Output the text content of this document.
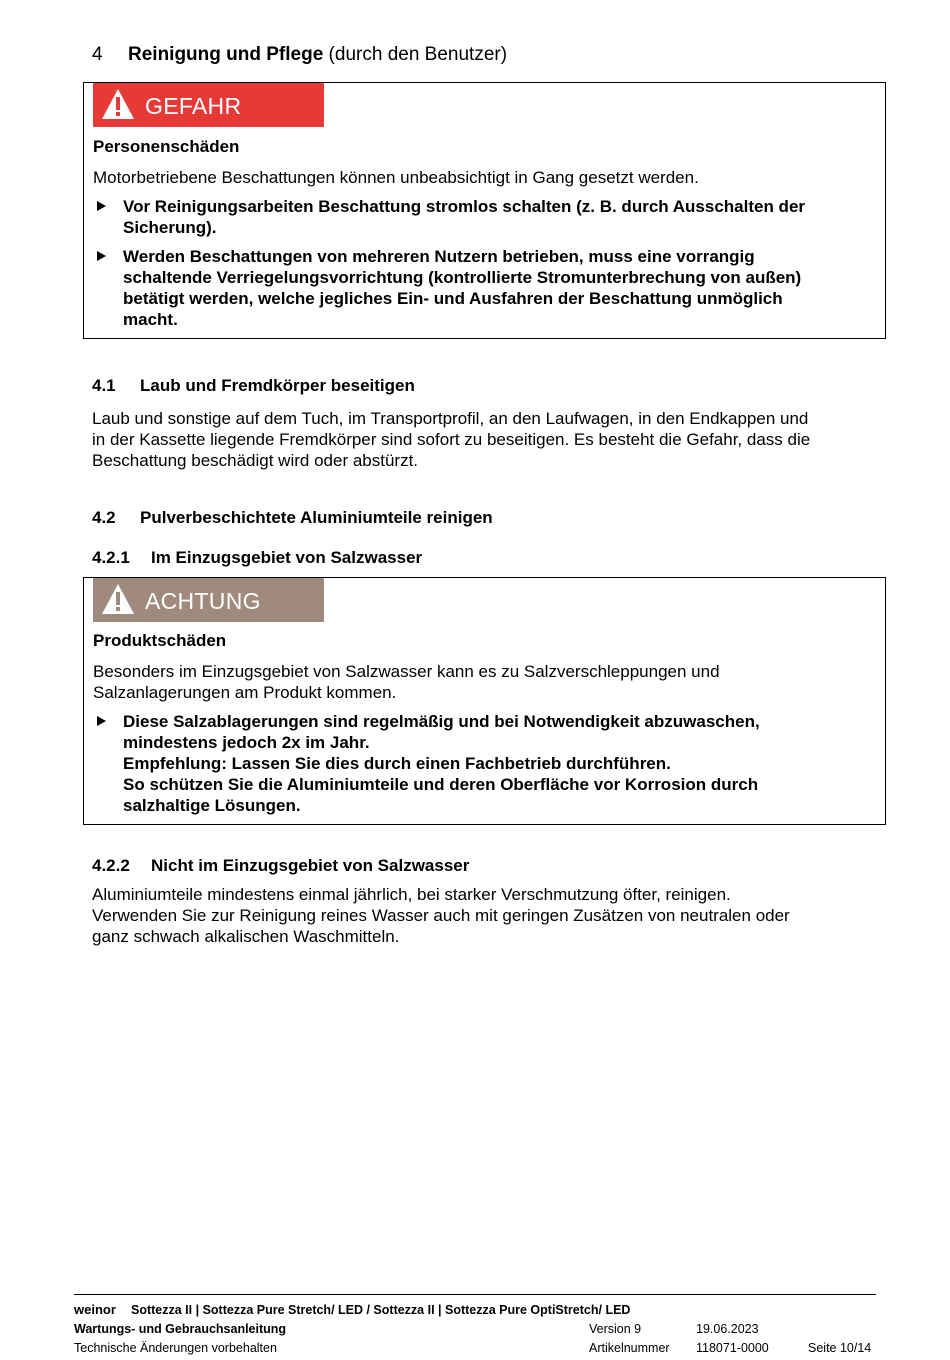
4 Reinigung und Pflege (durch den Benutzer)
GEFAHR
Personenschäden
Motorbetriebene Beschattungen können unbeabsichtigt in Gang gesetzt werden.
Vor Reinigungsarbeiten Beschattung stromlos schalten (z. B. durch Ausschalten der
Sicherung).
Werden Beschattungen von mehreren Nutzern betrieben, muss eine vorrangig
schaltende Verriegelungsvorrichtung (kontrollierte Stromunterbrechung von außen)
betätigt werden, welche jegliches Ein- und Ausfahren der Beschattung unmöglich
macht.
4.1 Laub und Fremdkörper beseitigen
Laub und sonstige auf dem Tuch, im Transportprofil, an den Laufwagen, in den Endkappen und
in der Kassette liegende Fremdkörper sind sofort zu beseitigen. Es besteht die Gefahr, dass die
Beschattung beschädigt wird oder abstürzt.
4.2 Pulverbeschichtete Aluminiumteile reinigen
4.2.1 Im Einzugsgebiet von Salzwasser
ACHTUNG
Produktschäden
Besonders im Einzugsgebiet von Salzwasser kann es zu Salzverschleppungen und
Salzanlagerungen am Produkt kommen.
Diese Salzablagerungen sind regelmäßig und bei Notwendigkeit abzuwaschen,
mindestens jedoch 2x im Jahr.
Empfehlung: Lassen Sie dies durch einen Fachbetrieb durchführen.
So schützen Sie die Aluminiumteile und deren Oberfläche vor Korrosion durch
salzhaltige Lösungen.
4.2.2 Nicht im Einzugsgebiet von Salzwasser
Aluminiumteile mindestens einmal jährlich, bei starker Verschmutzung öfter, reinigen.
Verwenden Sie zur Reinigung reines Wasser auch mit geringen Zusätzen von neutralen oder
ganz schwach alkalischen Waschmitteln.
weinor Sottezza II | Sottezza Pure Stretch/ LED / Sottezza II | Sottezza Pure OptiStretch/ LED
Wartungs- und Gebrauchsanleitung	Version 9	19.06.2023
Technische Änderungen vorbehalten	Artikelnummer 118071-0000	Seite 10/14
